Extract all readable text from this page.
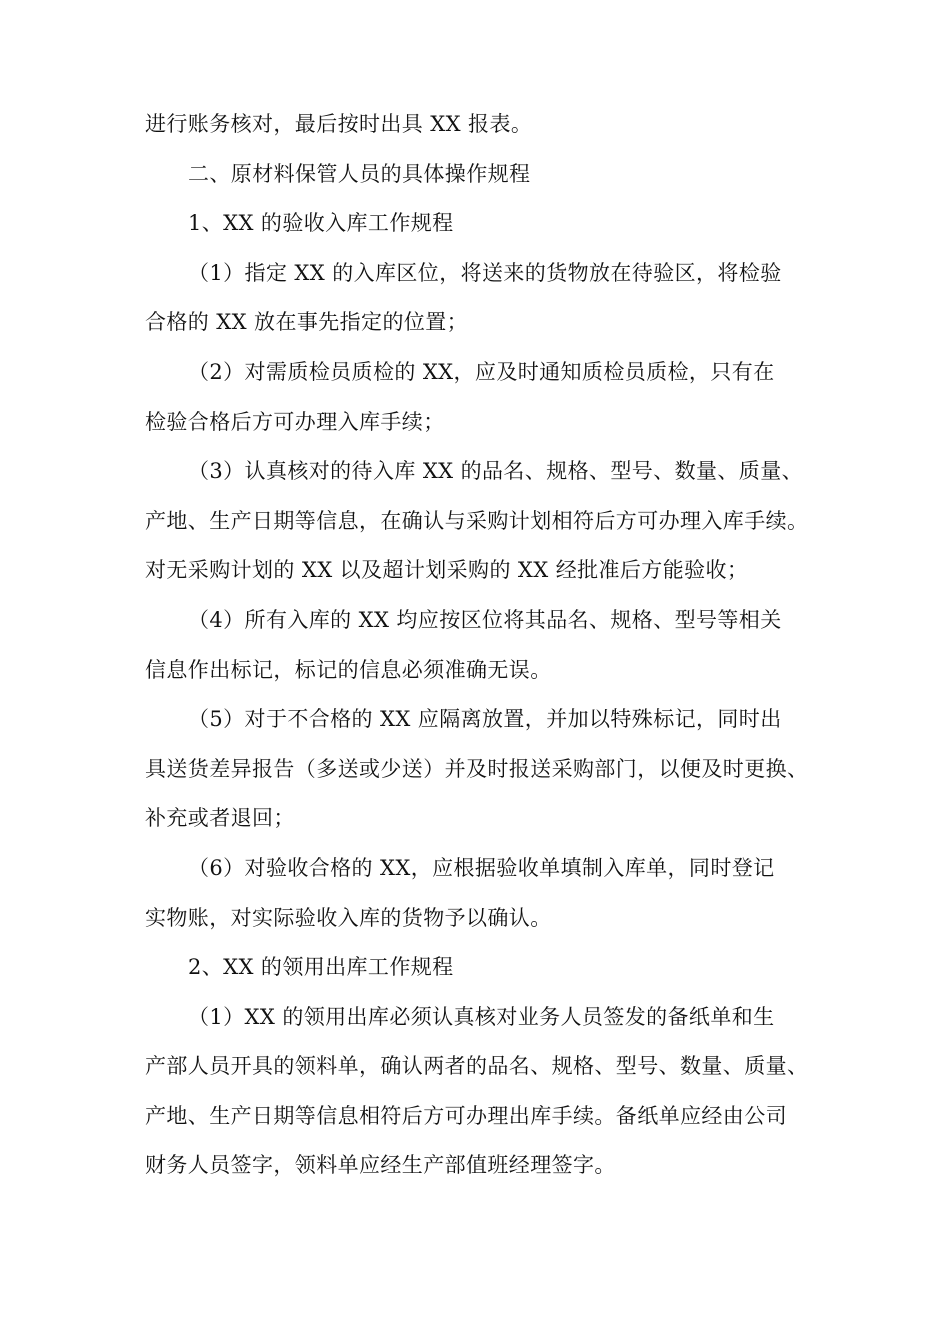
进行账务核对，最后按时出具 XX 报表。
二、原材料保管人员的具体操作规程
1、XX 的验收入库工作规程
（1）指定 XX 的入库区位，将送来的货物放在待验区，将检验
合格的 XX 放在事先指定的位置；
（2）对需质检员质检的 XX，应及时通知质检员质检，只有在
检验合格后方可办理入库手续；
（3）认真核对的待入库 XX 的品名、规格、型号、数量、质量、
产地、生产日期等信息，在确认与采购计划相符后方可办理入库手续。
对无采购计划的 XX 以及超计划采购的 XX 经批准后方能验收；
（4）所有入库的 XX 均应按区位将其品名、规格、型号等相关
信息作出标记，标记的信息必须准确无误。
（5）对于不合格的 XX 应隔离放置，并加以特殊标记，同时出
具送货差异报告（多送或少送）并及时报送采购部门，以便及时更换、
补充或者退回；
（6）对验收合格的 XX，应根据验收单填制入库单，同时登记
实物账，对实际验收入库的货物予以确认。
2、XX 的领用出库工作规程
（1）XX 的领用出库必须认真核对业务人员签发的备纸单和生
产部人员开具的领料单，确认两者的品名、规格、型号、数量、质量、
产地、生产日期等信息相符后方可办理出库手续。备纸单应经由公司
财务人员签字，领料单应经生产部值班经理签字。
